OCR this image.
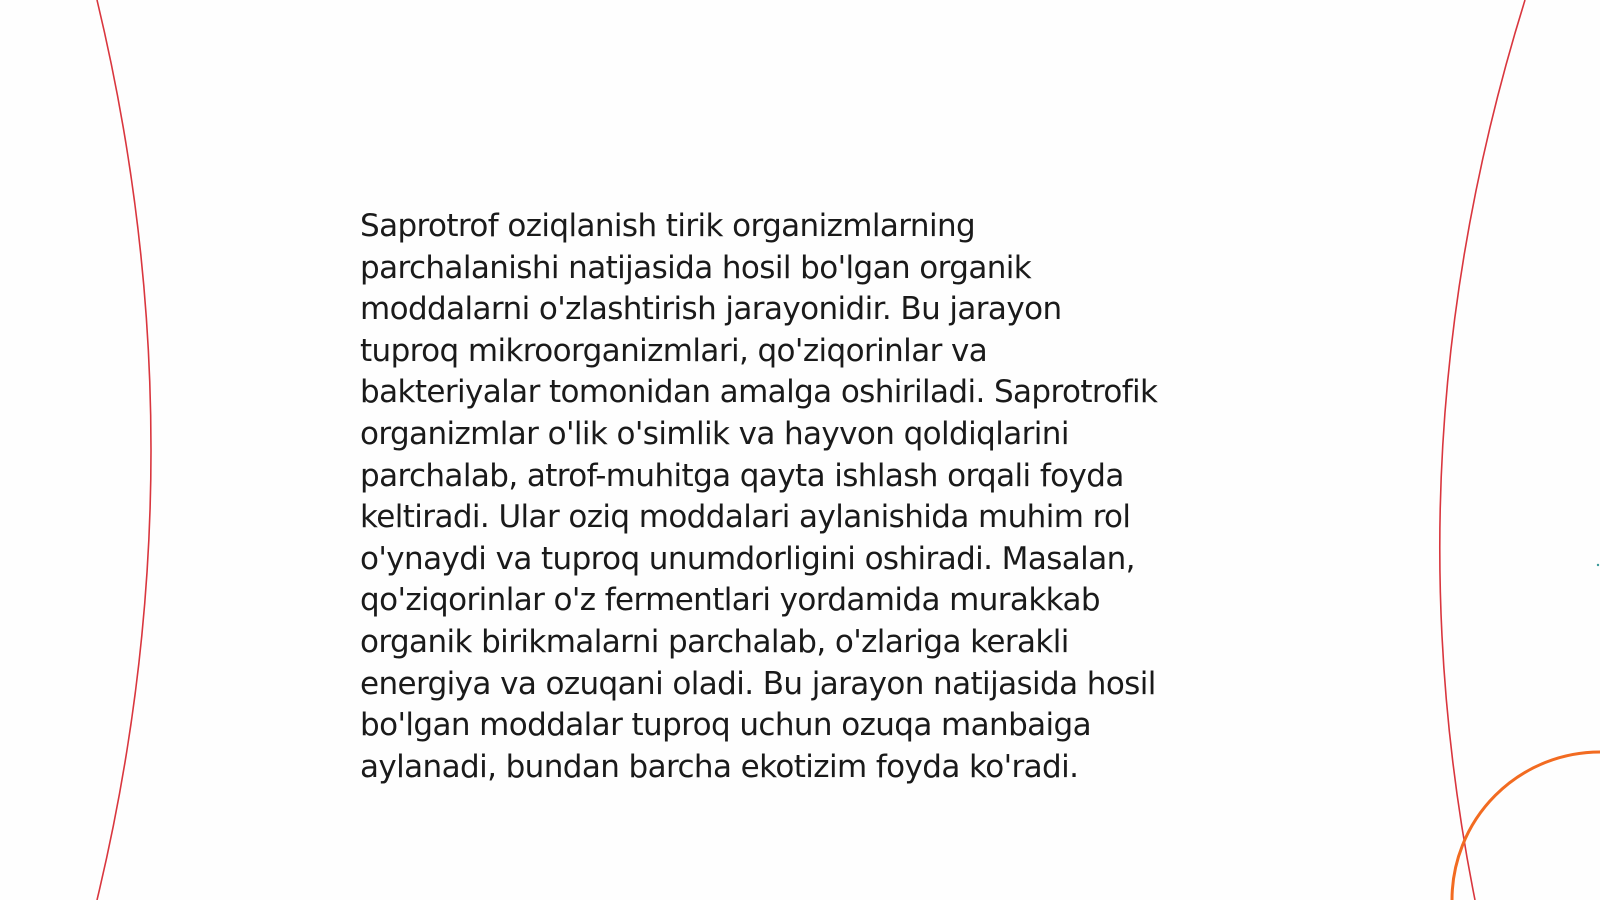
Saprotrof oziqlanish tirik organizmlarning
parchalanishi natijasida hosil bo'lgan organik
moddalarni o'zlashtirish jarayonidir. Bu jarayon
tuproq mikroorganizmlari, qo'ziqorinlar va
bakteriyalar tomonidan amalga oshiriladi. Saprotrofik
organizmlar o'lik o'simlik va hayvon qoldiqlarini
parchalab, atrof-muhitga qayta ishlash orqali foyda
keltiradi. Ular oziq moddalari aylanishida muhim rol
o'ynaydi va tuproq unumdorligini oshiradi. Masalan,
qo'ziqorinlar o'z fermentlari yordamida murakkab
organik birikmalarni parchalab, o'zlariga kerakli
energiya va ozuqani oladi. Bu jarayon natijasida hosil
bo'lgan moddalar tuproq uchun ozuqa manbaiga
aylanadi, bundan barcha ekotizim foyda ko'radi.
